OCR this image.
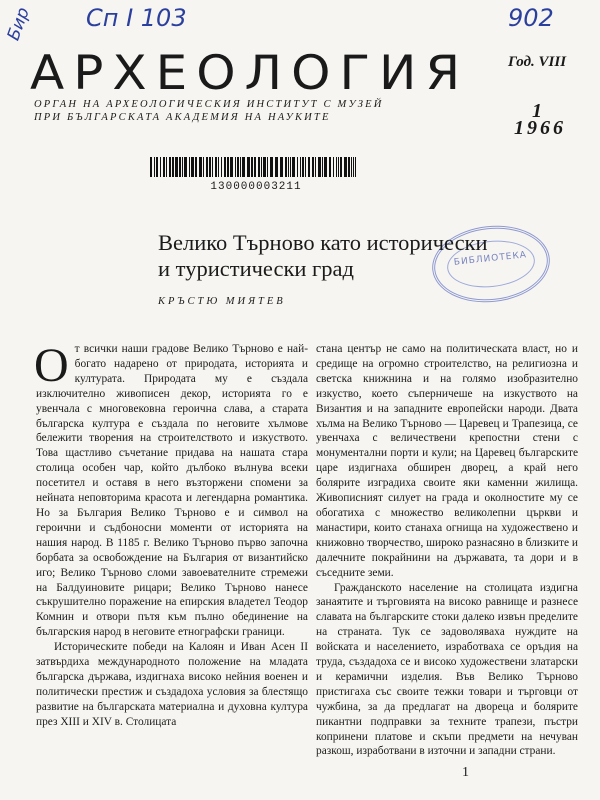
Бир Сп I 103	902
АРХЕОЛОГИЯ
ОРГАН НА АРХЕОЛОГИЧЕСКИЯ ИНСТИТУТ С МУЗЕЙ
ПРИ БЪЛГАРСКАТА АКАДЕМИЯ НА НАУКИТЕ
Год. VIII
1
1966
130000003211
БИБЛИОТЕКА
Велико Търново като исторически
и туристически град
КРЪСТЮ МИЯТЕВ

От всички наши градове Велико Търново е най-богато надарено от природата, историята и културата. Природата му е създала изключително живописен декор, историята го е увенчала с многовековна героична слава, а старата българска култура е създала по неговите хълмове бележити творения на строителството и изкуството. Това щастливо съчетание придава на нашата стара столица особен чар, който дълбоко вълнува всеки посетител и оставя в него възторжени спомени за нейната неповторима красота и легендарна романтика. Но за България Велико Търново е и символ на героични и съдбоносни моменти от историята на нашия народ. В 1185 г. Велико Търново първо започна борбата за освобождение на България от византийско иго; Велико Търново сломи завоевателните стремежи на Балдуиновите рицари; Велико Търново нанесе съкрушително поражение на епирския владетел Теодор Комнин и отвори пътя към пълно обединение на българския народ в неговите етнографски граници.

Историческите победи на Калоян и Иван Асен II затвърдиха международното положение на младата българска държава, издигнаха високо нейния военен и политически престиж и създадоха условия за блестящо развитие на българската материална и духовна култура през XIII и XIV в. Столицата

стана център не само на политическата власт, но и средище на огромно строителство, на религиозна и светска книжнина и на голямо изобразително изкуство, което съперничеше на изкуството на Византия и на западните европейски народи. Двата хълма на Велико Търново — Царевец и Трапезица, се увенчаха с величествени крепостни стени с монументални порти и кули; на Царевец българските царе издигнаха обширен дворец, а край него болярите изградиха своите яки каменни жилища. Живописният силует на града и околностите му се обогатиха с множество великолепни църкви и манастири, които станаха огнища на художествено и книжовно творчество, широко разнасяно в близките и далечните покрайнини на държавата, та дори и в съседните земи.

Гражданското население на столицата издигна занаятите и търговията на високо равнище и разнесе славата на българските стоки далеко извън пределите на страната. Тук се задоволяваха нуждите на войската и населението, изработваха се оръдия на труда, създадоха се и високо художествени златарски и керамични изделия. Във Велико Търново пристигаха със своите тежки товари и търговци от чужбина, за да предлагат на двореца и болярите пикантни подправки за техните трапези, пъстри копринени платове и скъпи предмети на нечуван разкош, изработвани в източни и западни страни.

1
